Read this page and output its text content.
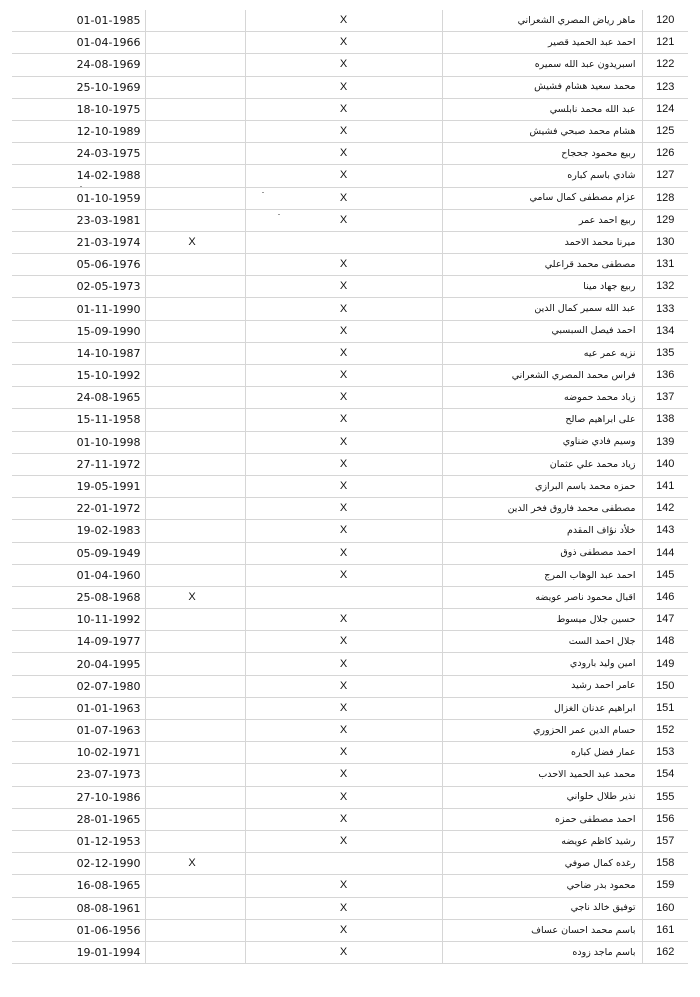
01-01-1985		X	ماهر رياض المصري الشعراني	120
01-04-1966		X	احمد عبد الحميد قصير	121
24-08-1969		X	اسبريدون عبد الله سميره	122
25-10-1969		X	محمد سعيد هشام فشيش	123
18-10-1975		X	عبد الله محمد نابلسي	124
12-10-1989		X	هشام محمد صبحي فشيش	125
24-03-1975		X	ربيع محمود جحجاح	126
14-02-1988		X	شادي باسم كباره	127
01-10-1959		X	عزام مصطفى كمال سامي	128
23-03-1981		X	ربيع احمد عمر	129
21-03-1974	X		ميرنا محمد الاحمد	130
05-06-1976		X	مصطفى محمد قراعلي	131
02-05-1973		X	ربيع جهاد مينا	132
01-11-1990		X	عبد الله سمير كمال الدين	133
15-09-1990		X	احمد فيصل السبسبي	134
14-10-1987		X	نزيه عمر عيه	135
15-10-1992		X	فراس محمد المصري الشعراني	136
24-08-1965		X	زياد محمد حموضه	137
15-11-1958		X	على ابراهيم صالح	138
01-10-1998		X	وسيم فادي ضناوي	139
27-11-1972		X	زياد محمد علي عثمان	140
19-05-1991		X	حمزه محمد باسم البرازي	141
22-01-1972		X	مصطفى محمد فاروق فخر الدين	142
19-02-1983		X	خلأد نؤاف المقدم	143
05-09-1949		X	احمد مصطفى ذوق	144
01-04-1960		X	احمد عبد الوهاب المرج	145
25-08-1968	X		اقبال محمود ناصر عويضه	146
10-11-1992		X	حسين جلال ميسوط	147
14-09-1977		X	جلال احمد الست	148
20-04-1995		X	امين وليد بارودي	149
02-07-1980		X	عامر احمد رشيد	150
01-01-1963		X	ابراهيم عدنان الغزال	151
01-07-1963		X	حسام الدين عمر الحزوري	152
10-02-1971		X	عمار فضل كباره	153
23-07-1973		X	محمد عبد الحميد الاحدب	154
27-10-1986		X	نذير طلال حلواني	155
28-01-1965		X	احمد مصطفى حمزه	156
01-12-1953		X	رشيد كاظم عويضه	157
02-12-1990	X		رغده كمال صوفي	158
16-08-1965		X	محمود بدر ضاحي	159
08-08-1961		X	توفيق خالد ناجي	160
01-06-1956		X	باسم محمد احسان عساف	161
19-01-1994		X	باسم ماجد زوده	162
